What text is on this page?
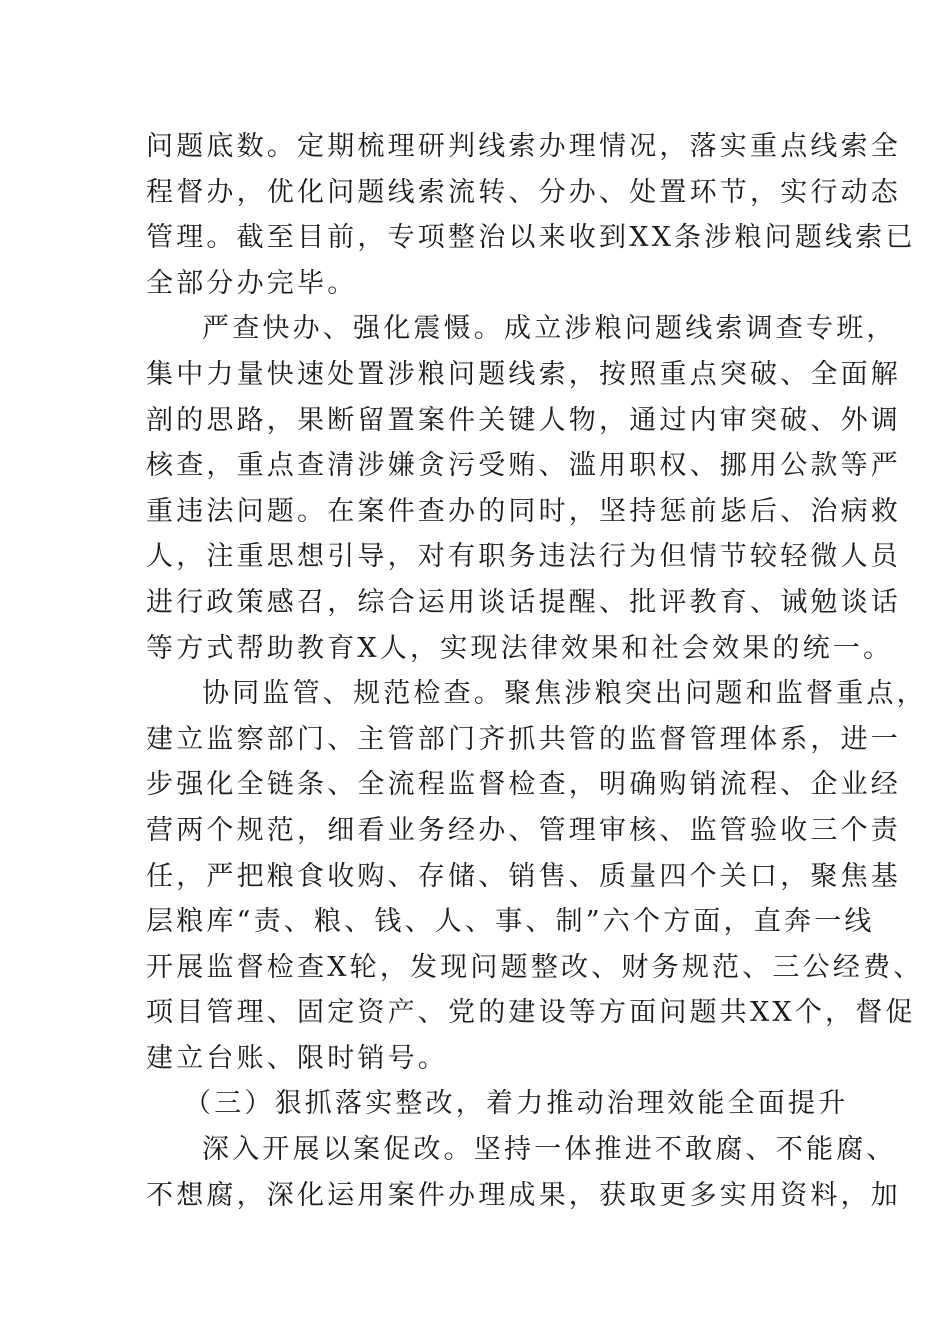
问题底数。定期梳理研判线索办理情况，落实重点线索全
程督办，优化问题线索流转、分办、处置环节，实行动态
管理。截至目前，专项整治以来收到XX条涉粮问题线索已
全部分办完毕。
严查快办、强化震慑。成立涉粮问题线索调查专班，
集中力量快速处置涉粮问题线索，按照重点突破、全面解
剖的思路，果断留置案件关键人物，通过内审突破、外调
核查，重点查清涉嫌贪污受贿、滥用职权、挪用公款等严
重违法问题。在案件查办的同时，坚持惩前毖后、治病救
人，注重思想引导，对有职务违法行为但情节较轻微人员
进行政策感召，综合运用谈话提醒、批评教育、诫勉谈话
等方式帮助教育X人，实现法律效果和社会效果的统一。
协同监管、规范检查。聚焦涉粮突出问题和监督重点，
建立监察部门、主管部门齐抓共管的监督管理体系，进一
步强化全链条、全流程监督检查，明确购销流程、企业经
营两个规范，细看业务经办、管理审核、监管验收三个责
任，严把粮食收购、存储、销售、质量四个关口，聚焦基
层粮库“责、粮、钱、人、事、制”六个方面，直奔一线
开展监督检查X轮，发现问题整改、财务规范、三公经费、
项目管理、固定资产、党的建设等方面问题共XX个，督促
建立台账、限时销号。
（三）狠抓落实整改，着力推动治理效能全面提升
深入开展以案促改。坚持一体推进不敢腐、不能腐、
不想腐，深化运用案件办理成果，获取更多实用资料，加
